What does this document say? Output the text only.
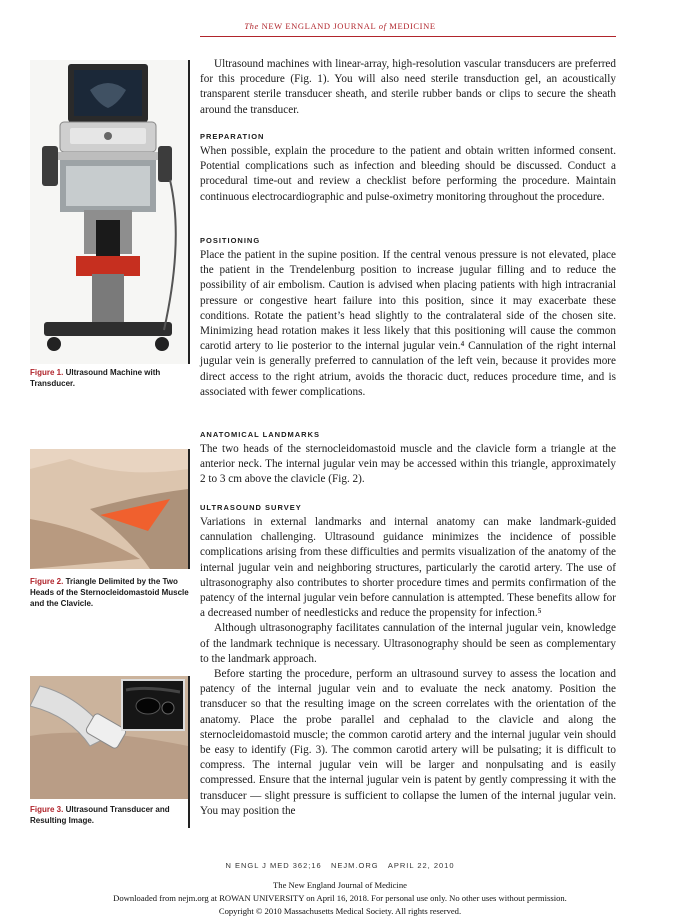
The NEW ENGLAND JOURNAL of MEDICINE
Figure 1. Ultrasound Machine with Transducer.
Figure 2. Triangle Delimited by the Two Heads of the Sternocleidomastoid Muscle and the Clavicle.
Figure 3. Ultrasound Transducer and Resulting Image.

Ultrasound machines with linear-array, high-resolution vascular transducers are preferred for this procedure (Fig. 1). You will also need sterile transduction gel, an acoustically transparent sterile transducer sheath, and sterile rubber bands or clips to secure the sheath around the transducer.

PREPARATION

When possible, explain the procedure to the patient and obtain written informed consent. Potential complications such as infection and bleeding should be discussed. Conduct a procedural time-out and review a checklist before performing the procedure. Maintain continuous electrocardiographic and pulse-oximetry monitoring throughout the procedure.

POSITIONING

Place the patient in the supine position. If the central venous pressure is not elevated, place the patient in the Trendelenburg position to increase jugular filling and to reduce the possibility of air embolism. Caution is advised when placing patients with high intracranial pressure or congestive heart failure into this position, since it may exacerbate these conditions. Rotate the patient’s head slightly to the contralateral side of the chosen site. Minimizing head rotation makes it less likely that this positioning will cause the common carotid artery to lie posterior to the internal jugular vein.⁴ Cannulation of the right internal jugular vein is generally preferred to cannulation of the left vein, because it provides more direct access to the right atrium, avoids the thoracic duct, reduces procedure time, and is associated with fewer complications.

ANATOMICAL LANDMARKS

The two heads of the sternocleidomastoid muscle and the clavicle form a triangle at the anterior neck. The internal jugular vein may be accessed within this triangle, approximately 2 to 3 cm above the clavicle (Fig. 2).

ULTRASOUND SURVEY

Variations in external landmarks and internal anatomy can make landmark-guided cannulation challenging. Ultrasound guidance minimizes the incidence of possible complications arising from these difficulties and permits visualization of the anatomy of the internal jugular vein and neighboring structures, particularly the carotid artery. The use of ultrasonography also contributes to shorter procedure times and permits confirmation of the patency of the internal jugular vein before cannulation is attempted. These benefits allow for a decreased number of needlesticks and reduce the propensity for infection.⁵

Although ultrasonography facilitates cannulation of the internal jugular vein, knowledge of the landmark technique is necessary. Ultrasonography should be seen as complementary to the landmark approach.

Before starting the procedure, perform an ultrasound survey to assess the location and patency of the internal jugular vein and to evaluate the neck anatomy. Position the transducer so that the resulting image on the screen correlates with the orientation of the anatomy. Place the probe parallel and cephalad to the clavicle and along the sternocleidomastoid muscle; the common carotid artery and the internal jugular vein should be easy to identify (Fig. 3). The common carotid artery will be pulsating; it is difficult to compress. The internal jugular vein will be larger and nonpulsating and is easily compressed. Ensure that the internal jugular vein is patent by gently compressing it with the transducer — slight pressure is sufficient to collapse the lumen of the internal jugular vein. You may position the

N ENGL J MED 362;16 NEJM.ORG APRIL 22, 2010
The New England Journal of Medicine
Downloaded from nejm.org at ROWAN UNIVERSITY on April 16, 2018. For personal use only. No other uses without permission.
Copyright © 2010 Massachusetts Medical Society. All rights reserved.
